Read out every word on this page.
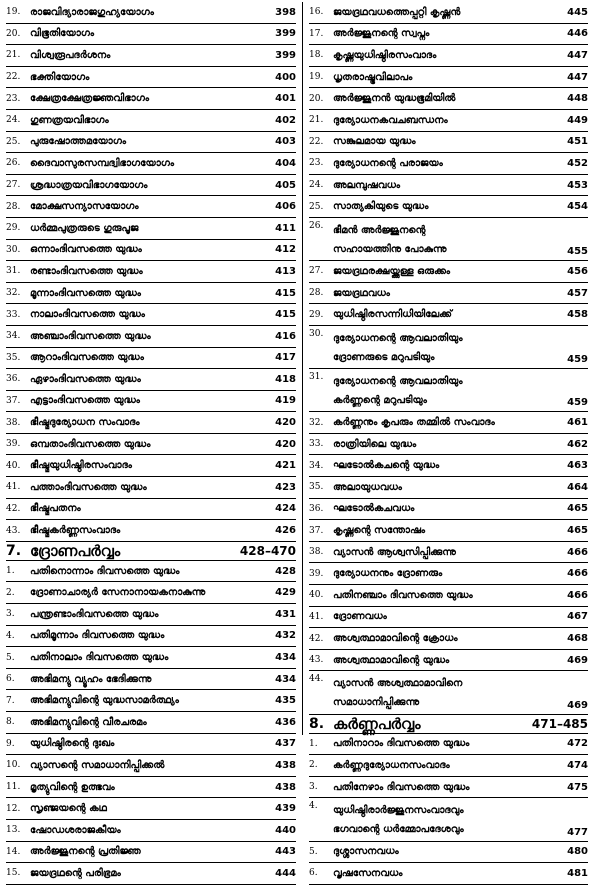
19. രാജവിദ്യാരാജഗുഹ്യയോഗം	398
20. വിഭൂതിയോഗം	399
21. വിശ്വരൂപദർശനം	399
22. ഭക്തിയോഗം	400
23. ക്ഷേത്രക്ഷേത്രജ്ഞവിഭാഗം	401
24. ഗുണത്രയവിഭാഗം	402
25. പുരുഷോത്തമയോഗം	403
26. ദൈവാസുരസമ്പദ്വിഭാഗയോഗം	404
27. ശ്രദ്ധാത്രയവിഭാഗയോഗം	405
28. മോക്ഷസന്യാസയോഗം	406
29. ധർമ്മപുത്രരുടെ ഗുരുപൂജ	411
30. ഒന്നാംദിവസത്തെ യുദ്ധം	412
31. രണ്ടാംദിവസത്തെ യുദ്ധം	413
32. മൂന്നാംദിവസത്തെ യുദ്ധം	415
33. നാലാംദിവസത്തെ യുദ്ധം	415
34. അഞ്ചാംദിവസത്തെ യുദ്ധം	416
35. ആറാംദിവസത്തെ യുദ്ധം	417
36. ഏഴാംദിവസത്തെ യുദ്ധം	418
37. എട്ടാംദിവസത്തെ യുദ്ധം	419
38. ഭീഷ്മദുര്യോധന സംവാദം	420
39. ഒമ്പതാംദിവസത്തെ യുദ്ധം	420
40. ഭീഷ്മയുധിഷ്ഠിരസംവാദം	421
41. പത്താംദിവസത്തെ യുദ്ധം	423
42. ഭീഷ്മപതനം	424
43. ഭീഷ്മകർണ്ണസംവാദം	426
7. ദ്രോണപർവ്വം	428–470
1.	പതിനൊന്നാം ദിവസത്തെ യുദ്ധം	428
2.	ദ്രോണാചാര്യർ സേനാനായകനാകുന്നു	429
3.	പന്ത്രണ്ടാംദിവസത്തെ യുദ്ധം	431
4.	പതിമൂന്നാം ദിവസത്തെ യുദ്ധം	432
5.	പതിനാലാം ദിവസത്തെ യുദ്ധം	434
6.	അഭിമന്യു വ്യൂഹം ഭേദിക്കുന്നു	434
7.	അഭിമന്യുവിന്റെ യുദ്ധസാമർത്ഥ്യം	435
8.	അഭിമന്യുവിന്റെ വീരചരമം	436
9.	യുധിഷ്ഠിരന്റെ ദുഃഖം	437
10. വ്യാസന്റെ സമാധാനിപ്പിക്കൽ	438
11. മൃത്യുവിന്റെ ഉത്ഭവം	438
12. സൃഞ്ജയന്റെ കഥ	439
13. ഷോഡശരാജകീയം	440
14. അർജ്ജുനന്റെ പ്രതിജ്ഞ	443
15. ജയദ്രഥന്റെ പരിഭ്രമം	444
16. ജയദ്രഥവധത്തെപ്പറ്റി കൃഷ്ണൻ	445
17. അർജ്ജുനന്റെ സ്വപ്നം	446
18. കൃഷ്ണയുധിഷ്ഠിരസംവാദം	447
19. ധൃതരാഷ്ട്രവിലാപം	447
20. അർജ്ജുനൻ യുദ്ധഭൂമിയിൽ	448
21. ദുര്യോധനകവചബന്ധനം	449
22. സങ്കുലമായ യുദ്ധം	451
23. ദുര്യോധനന്റെ പരാജയം	452
24. അലമ്പുഷവധം	453
25. സാത്യകിയുടെ യുദ്ധം	454
26. ഭീമൻ അർജ്ജുനന്റെ
സഹായത്തിനു പോകുന്നു	455
27. ജയദ്രഥരക്ഷയ്ക്കുള്ള ഒരുക്കം	456
28. ജയദ്രഥവധം	457
29. യുധിഷ്ഠിരസന്നിധിയിലേക്ക്	458
30. ദുര്യോധനന്റെ ആവലാതിയും
ദ്രോണരുടെ മറുപടിയും	459
31. ദുര്യോധനന്റെ ആവലാതിയും
കർണ്ണന്റെ മറുപടിയും	459
32. കർണ്ണനും കൃപരും തമ്മിൽ സംവാദം	461
33. രാത്രിയിലെ യുദ്ധം	462
34. ഘടോൽകചന്റെ യുദ്ധം	463
35. അലായുധവധം	464
36. ഘടോൽകചവധം	465
37. കൃഷ്ണന്റെ സന്തോഷം	465
38. വ്യാസൻ ആശ്വസിപ്പിക്കുന്നു	466
39. ദുര്യോധനനും ദ്രോണരും	466
40. പതിനഞ്ചാം ദിവസത്തെ യുദ്ധം	466
41. ദ്രോണവധം	467
42. അശ്വത്ഥാമാവിന്റെ ക്രോധം	468
43. അശ്വത്ഥാമാവിന്റെ യുദ്ധം	469
44. വ്യാസൻ അശ്വത്ഥാമാവിനെ
സമാധാനിപ്പിക്കുന്നു	469
8. കർണ്ണപർവ്വം	471–485
1.	പതിനാറാം ദിവസത്തെ യുദ്ധം	472
2.	കർണ്ണദുര്യോധനസംവാദം	474
3.	പതിനേഴാം ദിവസത്തെ യുദ്ധം	475
4.	യുധിഷ്ഠിരാർജ്ജുനസംവാദവും
ഭഗവാന്റെ ധർമ്മോപദേശവും	477
5.	ദുശ്ശാസനവധം	480
6.	വൃഷസേനവധം	481
